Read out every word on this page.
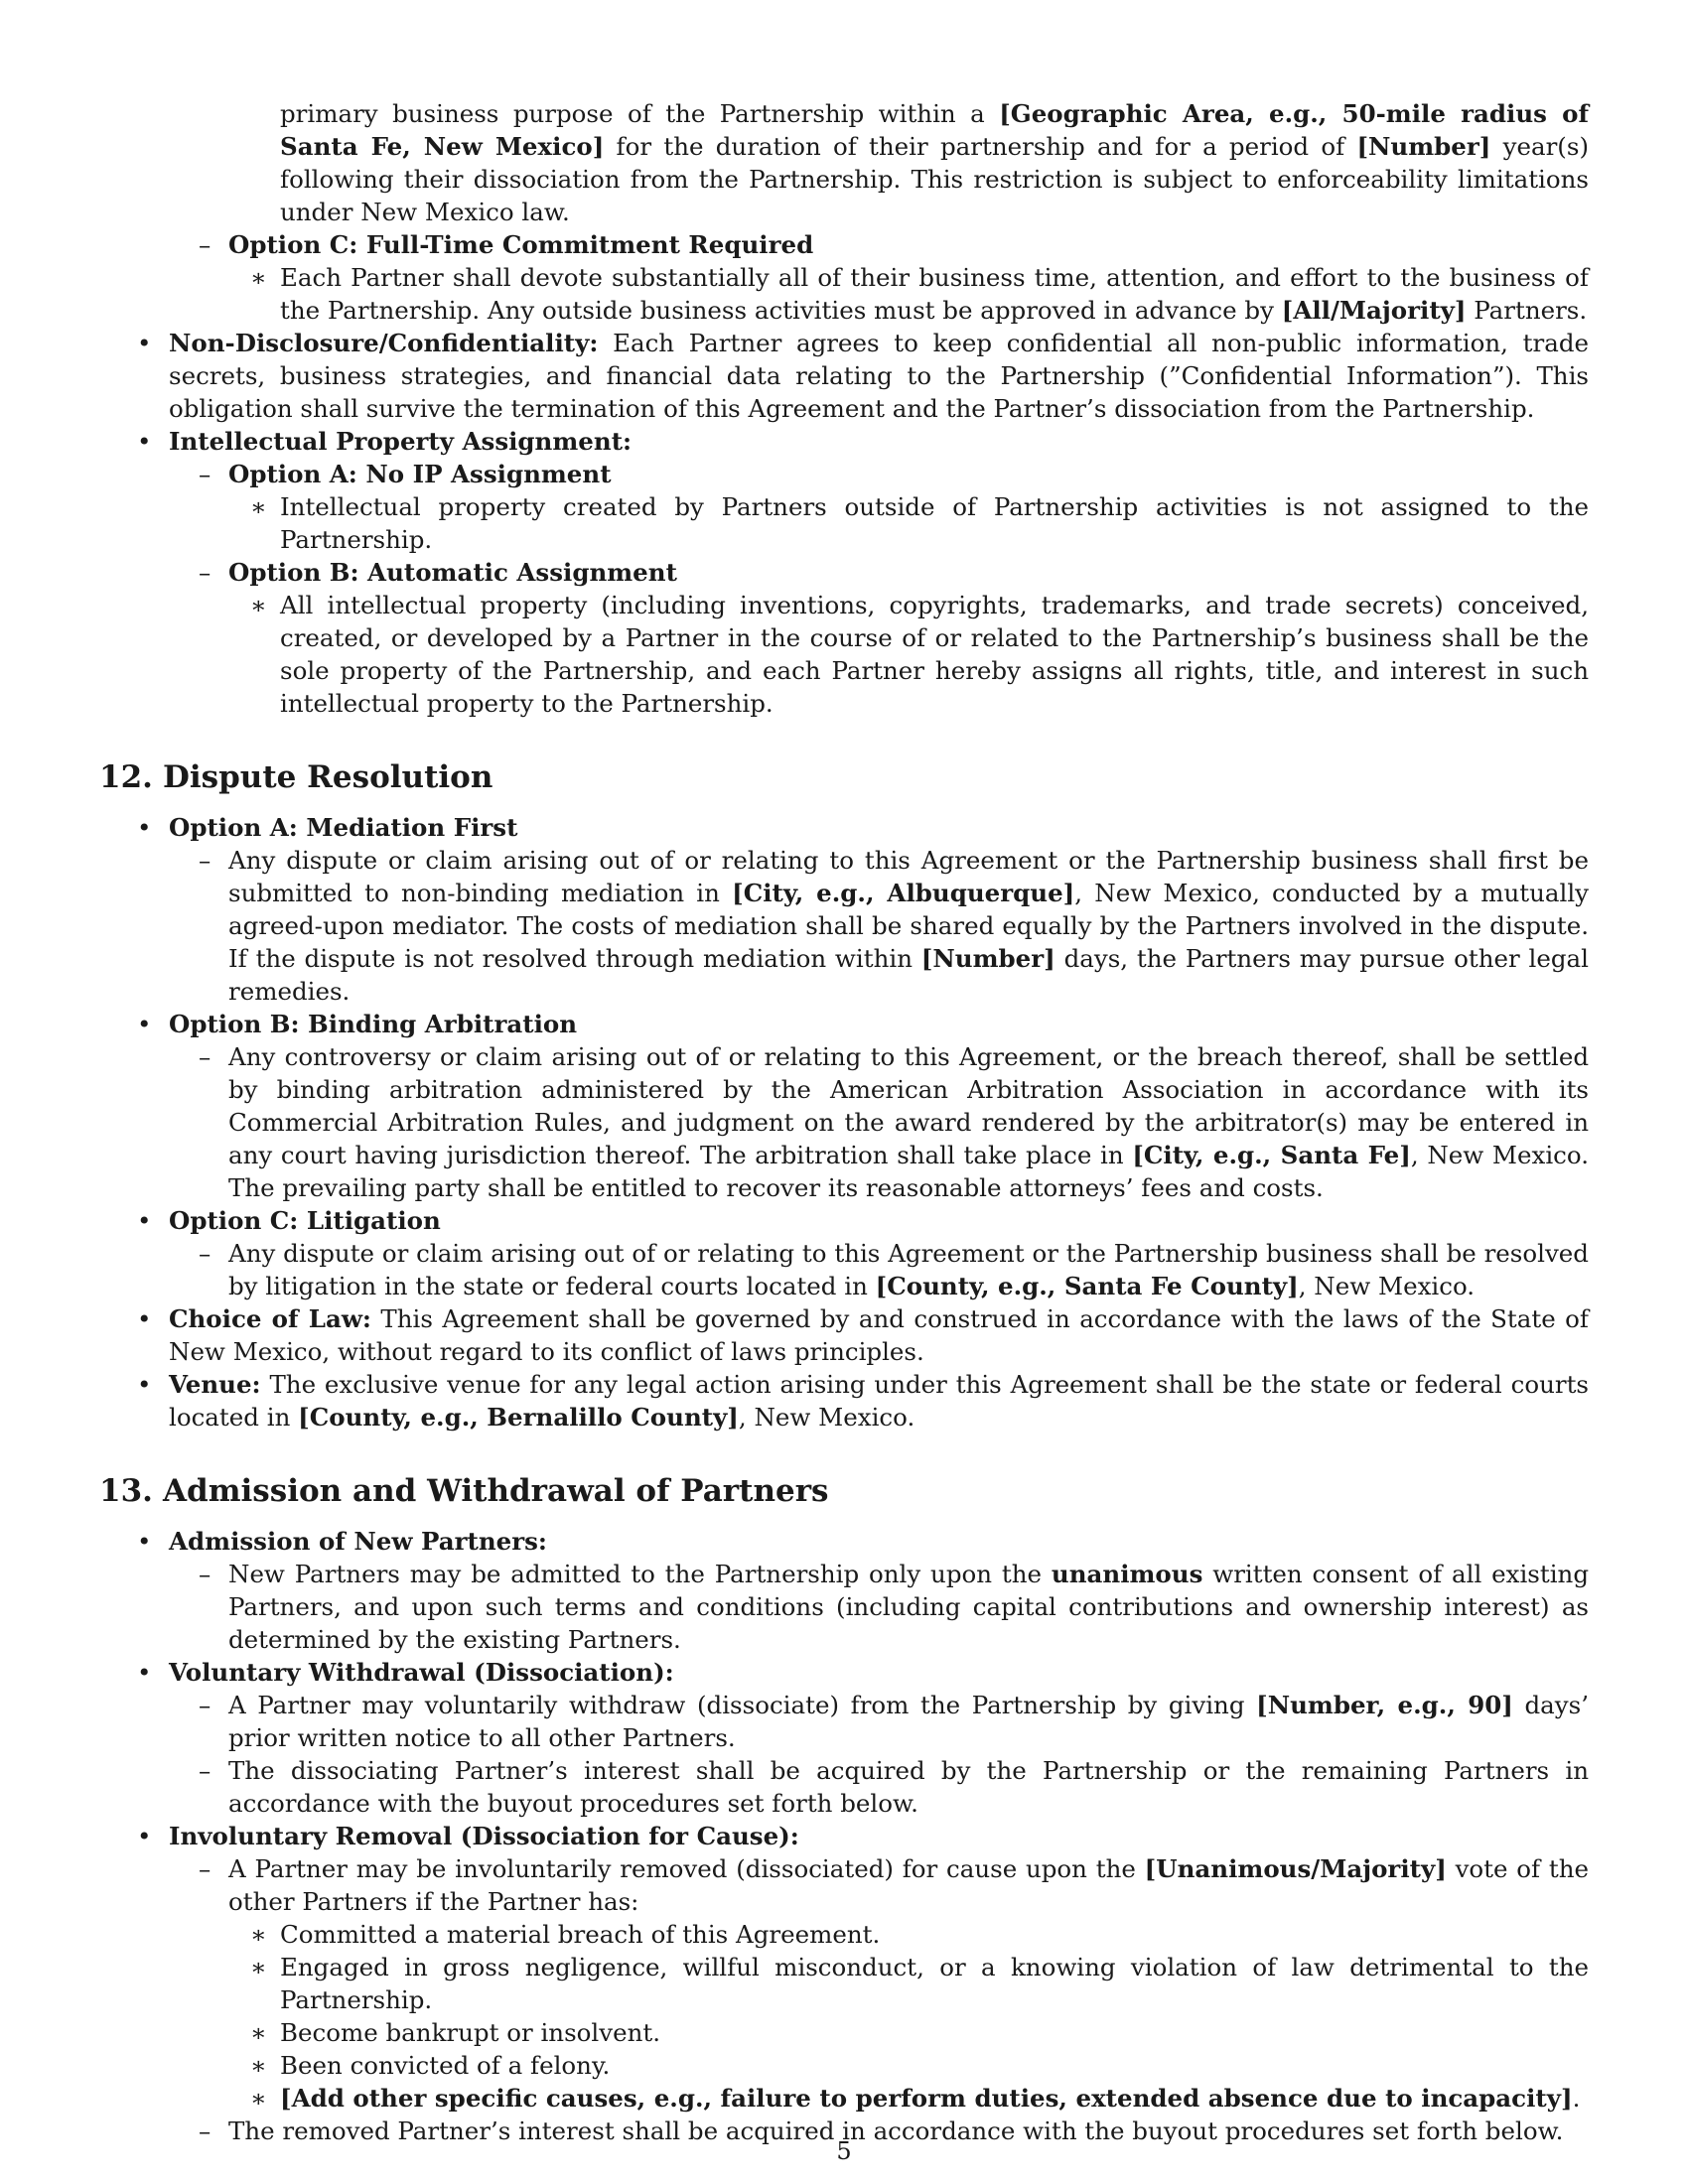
primary business purpose of the Partnership within a [Geographic Area, e.g., 50-mile radius of Santa Fe, New Mexico] for the duration of their partnership and for a period of [Number] year(s) following their dissociation from the Partnership. This restriction is subject to enforceability limitations under New Mexico law.

– Option C: Full-Time Commitment Required

∗ Each Partner shall devote substantially all of their business time, attention, and effort to the business of the Partnership. Any outside business activities must be approved in advance by [All/Majority] Partners.

• Non-Disclosure/Confidentiality: Each Partner agrees to keep confidential all non-public information, trade secrets, business strategies, and financial data relating to the Partnership (”Confidential Information”). This obligation shall survive the termination of this Agreement and the Partner’s dissociation from the Partnership.

• Intellectual Property Assignment:

– Option A: No IP Assignment

∗ Intellectual property created by Partners outside of Partnership activities is not assigned to the Partnership.

– Option B: Automatic Assignment

∗ All intellectual property (including inventions, copyrights, trademarks, and trade secrets) conceived, created, or developed by a Partner in the course of or related to the Partnership’s business shall be the sole property of the Partnership, and each Partner hereby assigns all rights, title, and interest in such intellectual property to the Partnership.

12. Dispute Resolution
• Option A: Mediation First

– Any dispute or claim arising out of or relating to this Agreement or the Partnership business shall first be submitted to non-binding mediation in [City, e.g., Albuquerque], New Mexico, conducted by a mutually agreed-upon mediator. The costs of mediation shall be shared equally by the Partners involved in the dispute. If the dispute is not resolved through mediation within [Number] days, the Partners may pursue other legal remedies.

• Option B: Binding Arbitration

– Any controversy or claim arising out of or relating to this Agreement, or the breach thereof, shall be settled by binding arbitration administered by the American Arbitration Association in accordance with its Commercial Arbitration Rules, and judgment on the award rendered by the arbitrator(s) may be entered in any court having jurisdiction thereof. The arbitration shall take place in [City, e.g., Santa Fe], New Mexico. The prevailing party shall be entitled to recover its reasonable attorneys’ fees and costs.

• Option C: Litigation

– Any dispute or claim arising out of or relating to this Agreement or the Partnership business shall be resolved by litigation in the state or federal courts located in [County, e.g., Santa Fe County], New Mexico.

• Choice of Law: This Agreement shall be governed by and construed in accordance with the laws of the State of New Mexico, without regard to its conflict of laws principles.

• Venue: The exclusive venue for any legal action arising under this Agreement shall be the state or federal courts located in [County, e.g., Bernalillo County], New Mexico.

13. Admission and Withdrawal of Partners
• Admission of New Partners:

– New Partners may be admitted to the Partnership only upon the unanimous written consent of all existing Partners, and upon such terms and conditions (including capital contributions and ownership interest) as determined by the existing Partners.

• Voluntary Withdrawal (Dissociation):

– A Partner may voluntarily withdraw (dissociate) from the Partnership by giving [Number, e.g., 90] days’ prior written notice to all other Partners.

– The dissociating Partner’s interest shall be acquired by the Partnership or the remaining Partners in accordance with the buyout procedures set forth below.

• Involuntary Removal (Dissociation for Cause):

– A Partner may be involuntarily removed (dissociated) for cause upon the [Unanimous/Majority] vote of the other Partners if the Partner has:

∗ Committed a material breach of this Agreement.

∗ Engaged in gross negligence, willful misconduct, or a knowing violation of law detrimental to the Partnership.

∗ Become bankrupt or insolvent.

∗ Been convicted of a felony.

∗ [Add other specific causes, e.g., failure to perform duties, extended absence due to incapacity].

– The removed Partner’s interest shall be acquired in accordance with the buyout procedures set forth below.

5
